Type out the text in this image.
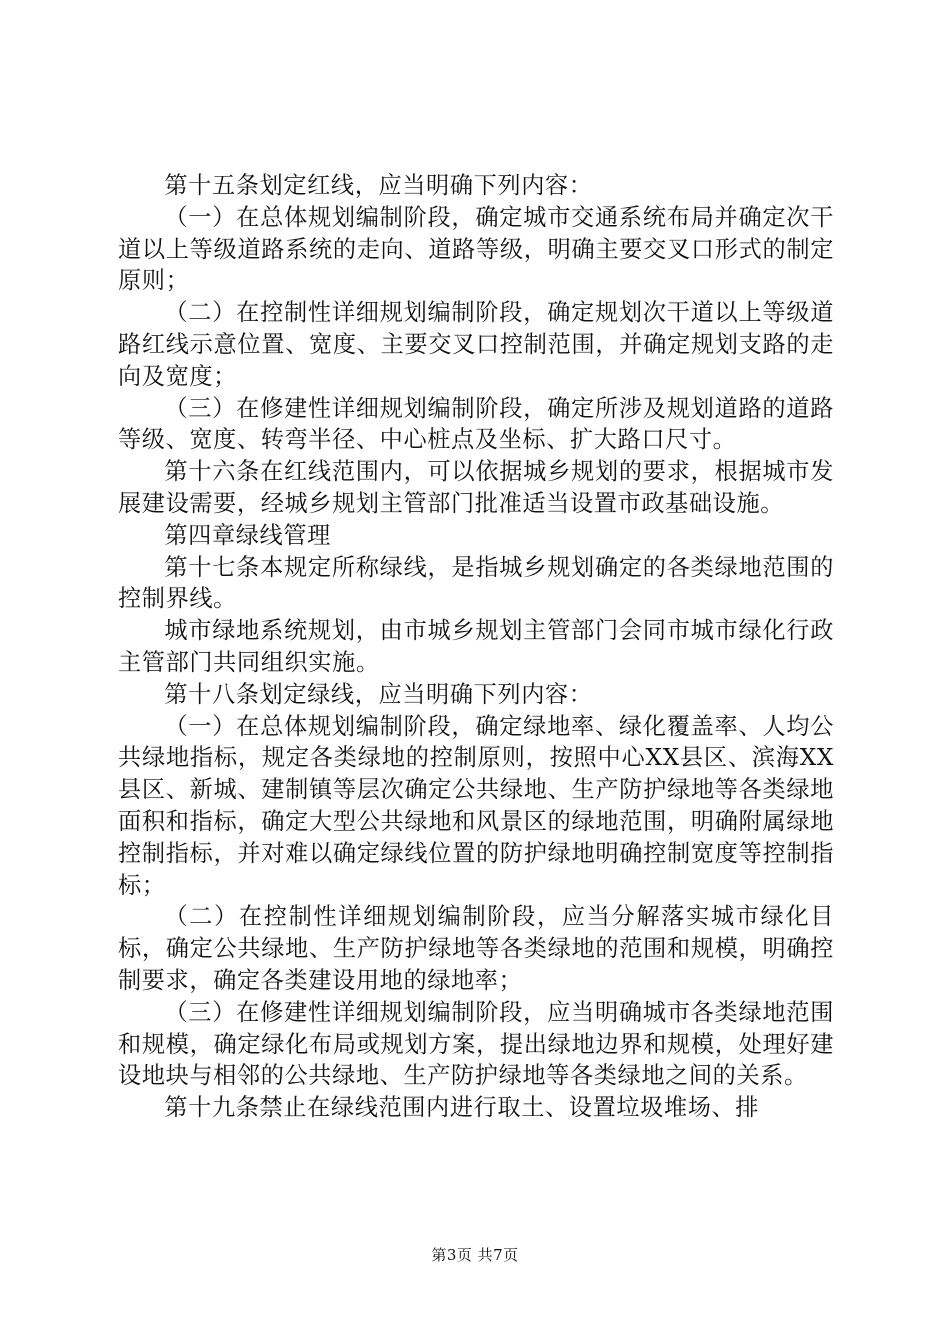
第十五条划定红线，应当明确下列内容：

（一）在总体规划编制阶段，确定城市交通系统布局并确定次干道以上等级道路系统的走向、道路等级，明确主要交叉口形式的制定原则；

（二）在控制性详细规划编制阶段，确定规划次干道以上等级道路红线示意位置、宽度、主要交叉口控制范围，并确定规划支路的走向及宽度；

（三）在修建性详细规划编制阶段，确定所涉及规划道路的道路等级、宽度、转弯半径、中心桩点及坐标、扩大路口尺寸。

第十六条在红线范围内，可以依据城乡规划的要求，根据城市发展建设需要，经城乡规划主管部门批准适当设置市政基础设施。

第四章绿线管理

第十七条本规定所称绿线，是指城乡规划确定的各类绿地范围的控制界线。

城市绿地系统规划，由市城乡规划主管部门会同市城市绿化行政主管部门共同组织实施。

第十八条划定绿线，应当明确下列内容：

（一）在总体规划编制阶段，确定绿地率、绿化覆盖率、人均公共绿地指标，规定各类绿地的控制原则，按照中心XX县区、滨海XX县区、新城、建制镇等层次确定公共绿地、生产防护绿地等各类绿地面积和指标，确定大型公共绿地和风景区的绿地范围，明确附属绿地控制指标，并对难以确定绿线位置的防护绿地明确控制宽度等控制指标；

（二）在控制性详细规划编制阶段，应当分解落实城市绿化目标，确定公共绿地、生产防护绿地等各类绿地的范围和规模，明确控制要求，确定各类建设用地的绿地率；

（三）在修建性详细规划编制阶段，应当明确城市各类绿地范围和规模，确定绿化布局或规划方案，提出绿地边界和规模，处理好建设地块与相邻的公共绿地、生产防护绿地等各类绿地之间的关系。

第十九条禁止在绿线范围内进行取土、设置垃圾堆场、排

第3页 共7页
